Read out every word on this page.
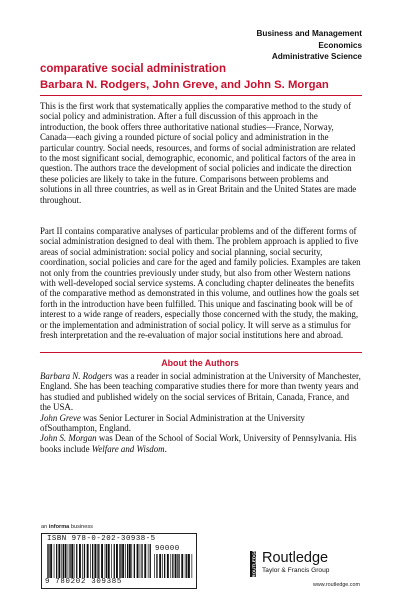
Business and Management
Economics
Administrative Science
comparative social administration
Barbara N. Rodgers, John Greve, and John S. Morgan

This is the first work that systematically applies the comparative method to the study of social policy and administration. After a full discussion of this approach in the introduction, the book offers three authoritative national studies—France, Norway, Canada—each giving a rounded picture of social policy and administration in the particular country. Social needs, resources, and forms of social administration are related to the most significant social, demographic, economic, and political factors of the area in question. The authors trace the development of social policies and indicate the direction these policies are likely to take in the future. Comparisons between problems and solutions in all three countries, as well as in Great Britain and the United States are made throughout.

Part II contains comparative analyses of particular problems and of the different forms of social administration designed to deal with them. The problem approach is applied to five areas of social administration: social policy and social planning, social security, coordination, social policies and care for the aged and family policies. Examples are taken not only from the countries previously under study, but also from other Western nations with well-developed social service systems. A concluding chapter delineates the benefits of the comparative method as demonstrated in this volume, and outlines how the goals set forth in the introduction have been fulfilled. This unique and fascinating book will be of interest to a wide range of readers, especially those concerned with the study, the making, or the implementation and administration of social policy. It will serve as a stimulus for fresh interpretation and the re-evaluation of major social institutions here and abroad.

About the Authors

Barbara N. Rodgers was a reader in social administration at the University of Manchester, England. She has been teaching comparative studies there for more than twenty years and has studied and published widely on the social services of Britain, Canada, France, and the USA.

John Greve was Senior Lecturer in Social Administration at the University ofSouthampton, England.

John S. Morgan was Dean of the School of Social Work, University of Pennsylvania. His books include Welfare and Wisdom.

an informa business
ISBN 978-0-202-30938-5
90000
9 780202 309385
ROUTLEDGE Routledge
Taylor & Francis Group
www.routledge.com
